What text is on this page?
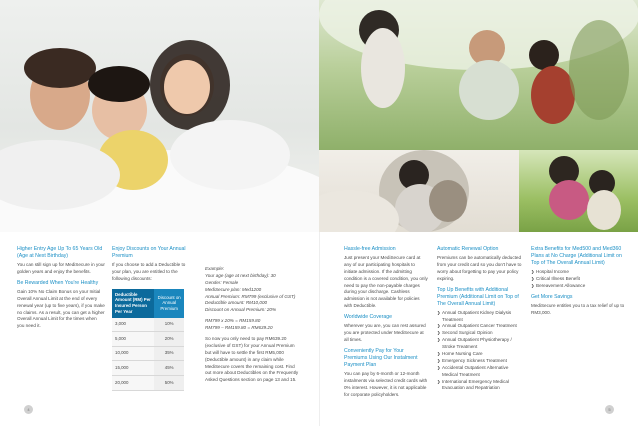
Higher Entry Age Up To 65 Years Old (Age at Next Birthday)
You can still sign up for MediSecure in your golden years and enjoy the benefits.
Be Rewarded When You're Healthy
Gain 10% No Claim Bonus on your Initial Overall Annual Limit at the end of every renewal year (up to five years), if you make no claims. As a result, you can get a higher Overall Annual Limit for the times when you need it.
Enjoy Discounts on Your Annual Premium
If you choose to add a Deductible to your plan, you are entitled to the following discounts:
Deductible Amount (RM) Per Insured Person Per Year	Discount on Annual Premium
3,000	10%
5,000	20%
10,000	35%
15,000	45%
20,000	50%
Example:
Your age (age at next birthday): 30
Gender: Female
MediSecure plan: Med1200
Annual Premium: RM799 (exclusive of GST)
Deductible amount: RM10,000
Discount on Annual Premium: 20%
RM799 x 20% = RM159.80
RM799 – RM159.80 = RM639.20
So now you only need to pay RM639.20 (exclusive of GST) for your Annual Premium but will have to settle the first RM5,000 (Deductible amount) in any claim while MediSecure covers the remaining cost. Find out more about Deductibles on the Frequently Asked Questions section on page 13 and 15.
Hassle-free Admission
Just present your MediSecure card at any of our participating hospitals to initiate admission. If the admitting condition is a covered condition, you only need to pay the non-payable charges during your discharge. Cashless admission is not available for policies with Deductible.
Worldwide Coverage
Wherever you are, you can rest assured you are protected under MediSecure at all times.
Conveniently Pay for Your Premiums Using Our Instalment Payment Plan
You can pay by 6-month or 12-month instalments via selected credit cards with 0% interest. However, it is not applicable for corporate policyholders.
Automatic Renewal Option
Premiums can be automatically deducted from your credit card so you don't have to worry about forgetting to pay your policy expiring.
Top Up Benefits with Additional Premium (Additional Limit on Top of The Overall Annual Limit)
❯ Annual Outpatient Kidney Dialysis Treatment
❯ Annual Outpatient Cancer Treatment
❯ Second Surgical Opinion
❯ Annual Outpatient Physiotherapy / Stroke Treatment
❯ Home Nursing Care
❯ Emergency Sickness Treatment
❯ Accidental Outpatient Alternative Medical Treatment
❯ International Emergency Medical Evacuation and Repatriation
Extra Benefits for Med500 and Med360 Plans at No Charge (Additional Limit on Top of The Overall Annual Limit)
❯ Hospital Income
❯ Critical Illness Benefit
❯ Bereavement Allowance
Get More Savings
MediSecure entitles you to a tax relief of up to RM3,000.
4	5
